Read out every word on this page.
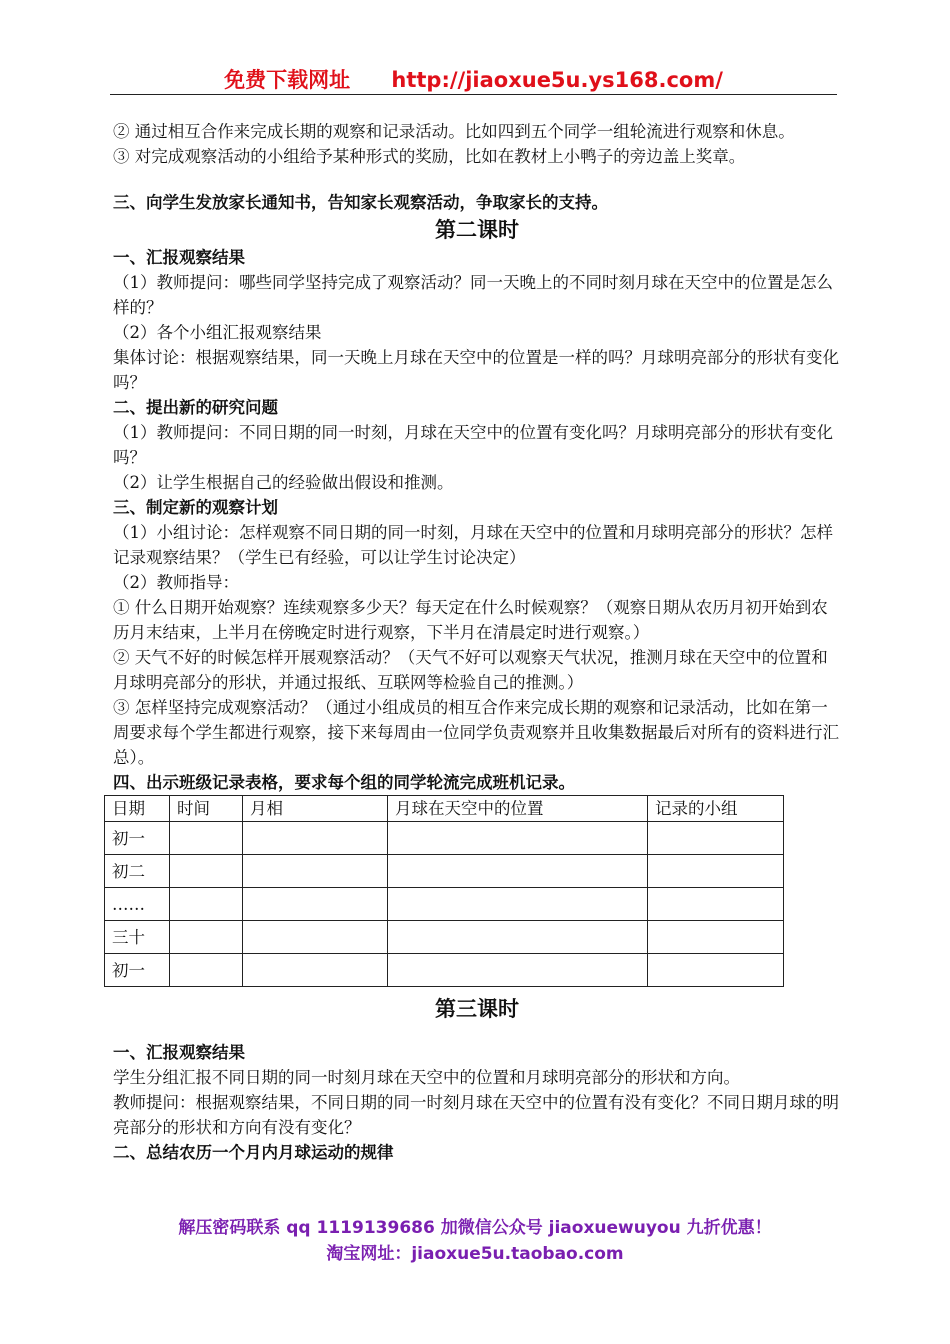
免费下载网址 http://jiaoxue5u.ys168.com/

② 通过相互合作来完成长期的观察和记录活动。比如四到五个同学一组轮流进行观察和休息。

③ 对完成观察活动的小组给予某种形式的奖励，比如在教材上小鸭子的旁边盖上奖章。

三、向学生发放家长通知书，告知家长观察活动，争取家长的支持。

第二课时

一、汇报观察结果

（1）教师提问：哪些同学坚持完成了观察活动？同一天晚上的不同时刻月球在天空中的位置是怎么样的？

（2）各个小组汇报观察结果

集体讨论：根据观察结果，同一天晚上月球在天空中的位置是一样的吗？月球明亮部分的形状有变化吗？

二、提出新的研究问题

（1）教师提问：不同日期的同一时刻，月球在天空中的位置有变化吗？月球明亮部分的形状有变化吗？

（2）让学生根据自己的经验做出假设和推测。

三、制定新的观察计划

（1）小组讨论：怎样观察不同日期的同一时刻，月球在天空中的位置和月球明亮部分的形状？怎样记录观察结果？（学生已有经验，可以让学生讨论决定）

（2）教师指导：

① 什么日期开始观察？连续观察多少天？每天定在什么时候观察？（观察日期从农历月初开始到农历月末结束，上半月在傍晚定时进行观察，下半月在清晨定时进行观察。）

② 天气不好的时候怎样开展观察活动？（天气不好可以观察天气状况，推测月球在天空中的位置和月球明亮部分的形状，并通过报纸、互联网等检验自己的推测。）

③ 怎样坚持完成观察活动？（通过小组成员的相互合作来完成长期的观察和记录活动，比如在第一周要求每个学生都进行观察，接下来每周由一位同学负责观察并且收集数据最后对所有的资料进行汇总）。

四、出示班级记录表格，要求每个组的同学轮流完成班机记录。

日期	时间	月相	月球在天空中的位置	记录的小组
初一				
初二				
……				
三十				
初一				

第三课时

一、汇报观察结果

学生分组汇报不同日期的同一时刻月球在天空中的位置和月球明亮部分的形状和方向。

教师提问：根据观察结果，不同日期的同一时刻月球在天空中的位置有没有变化？不同日期月球的明亮部分的形状和方向有没有变化？

二、总结农历一个月内月球运动的规律

解压密码联系 qq 1119139686 加微信公众号 jiaoxuewuyou 九折优惠！
淘宝网址：jiaoxue5u.taobao.com
